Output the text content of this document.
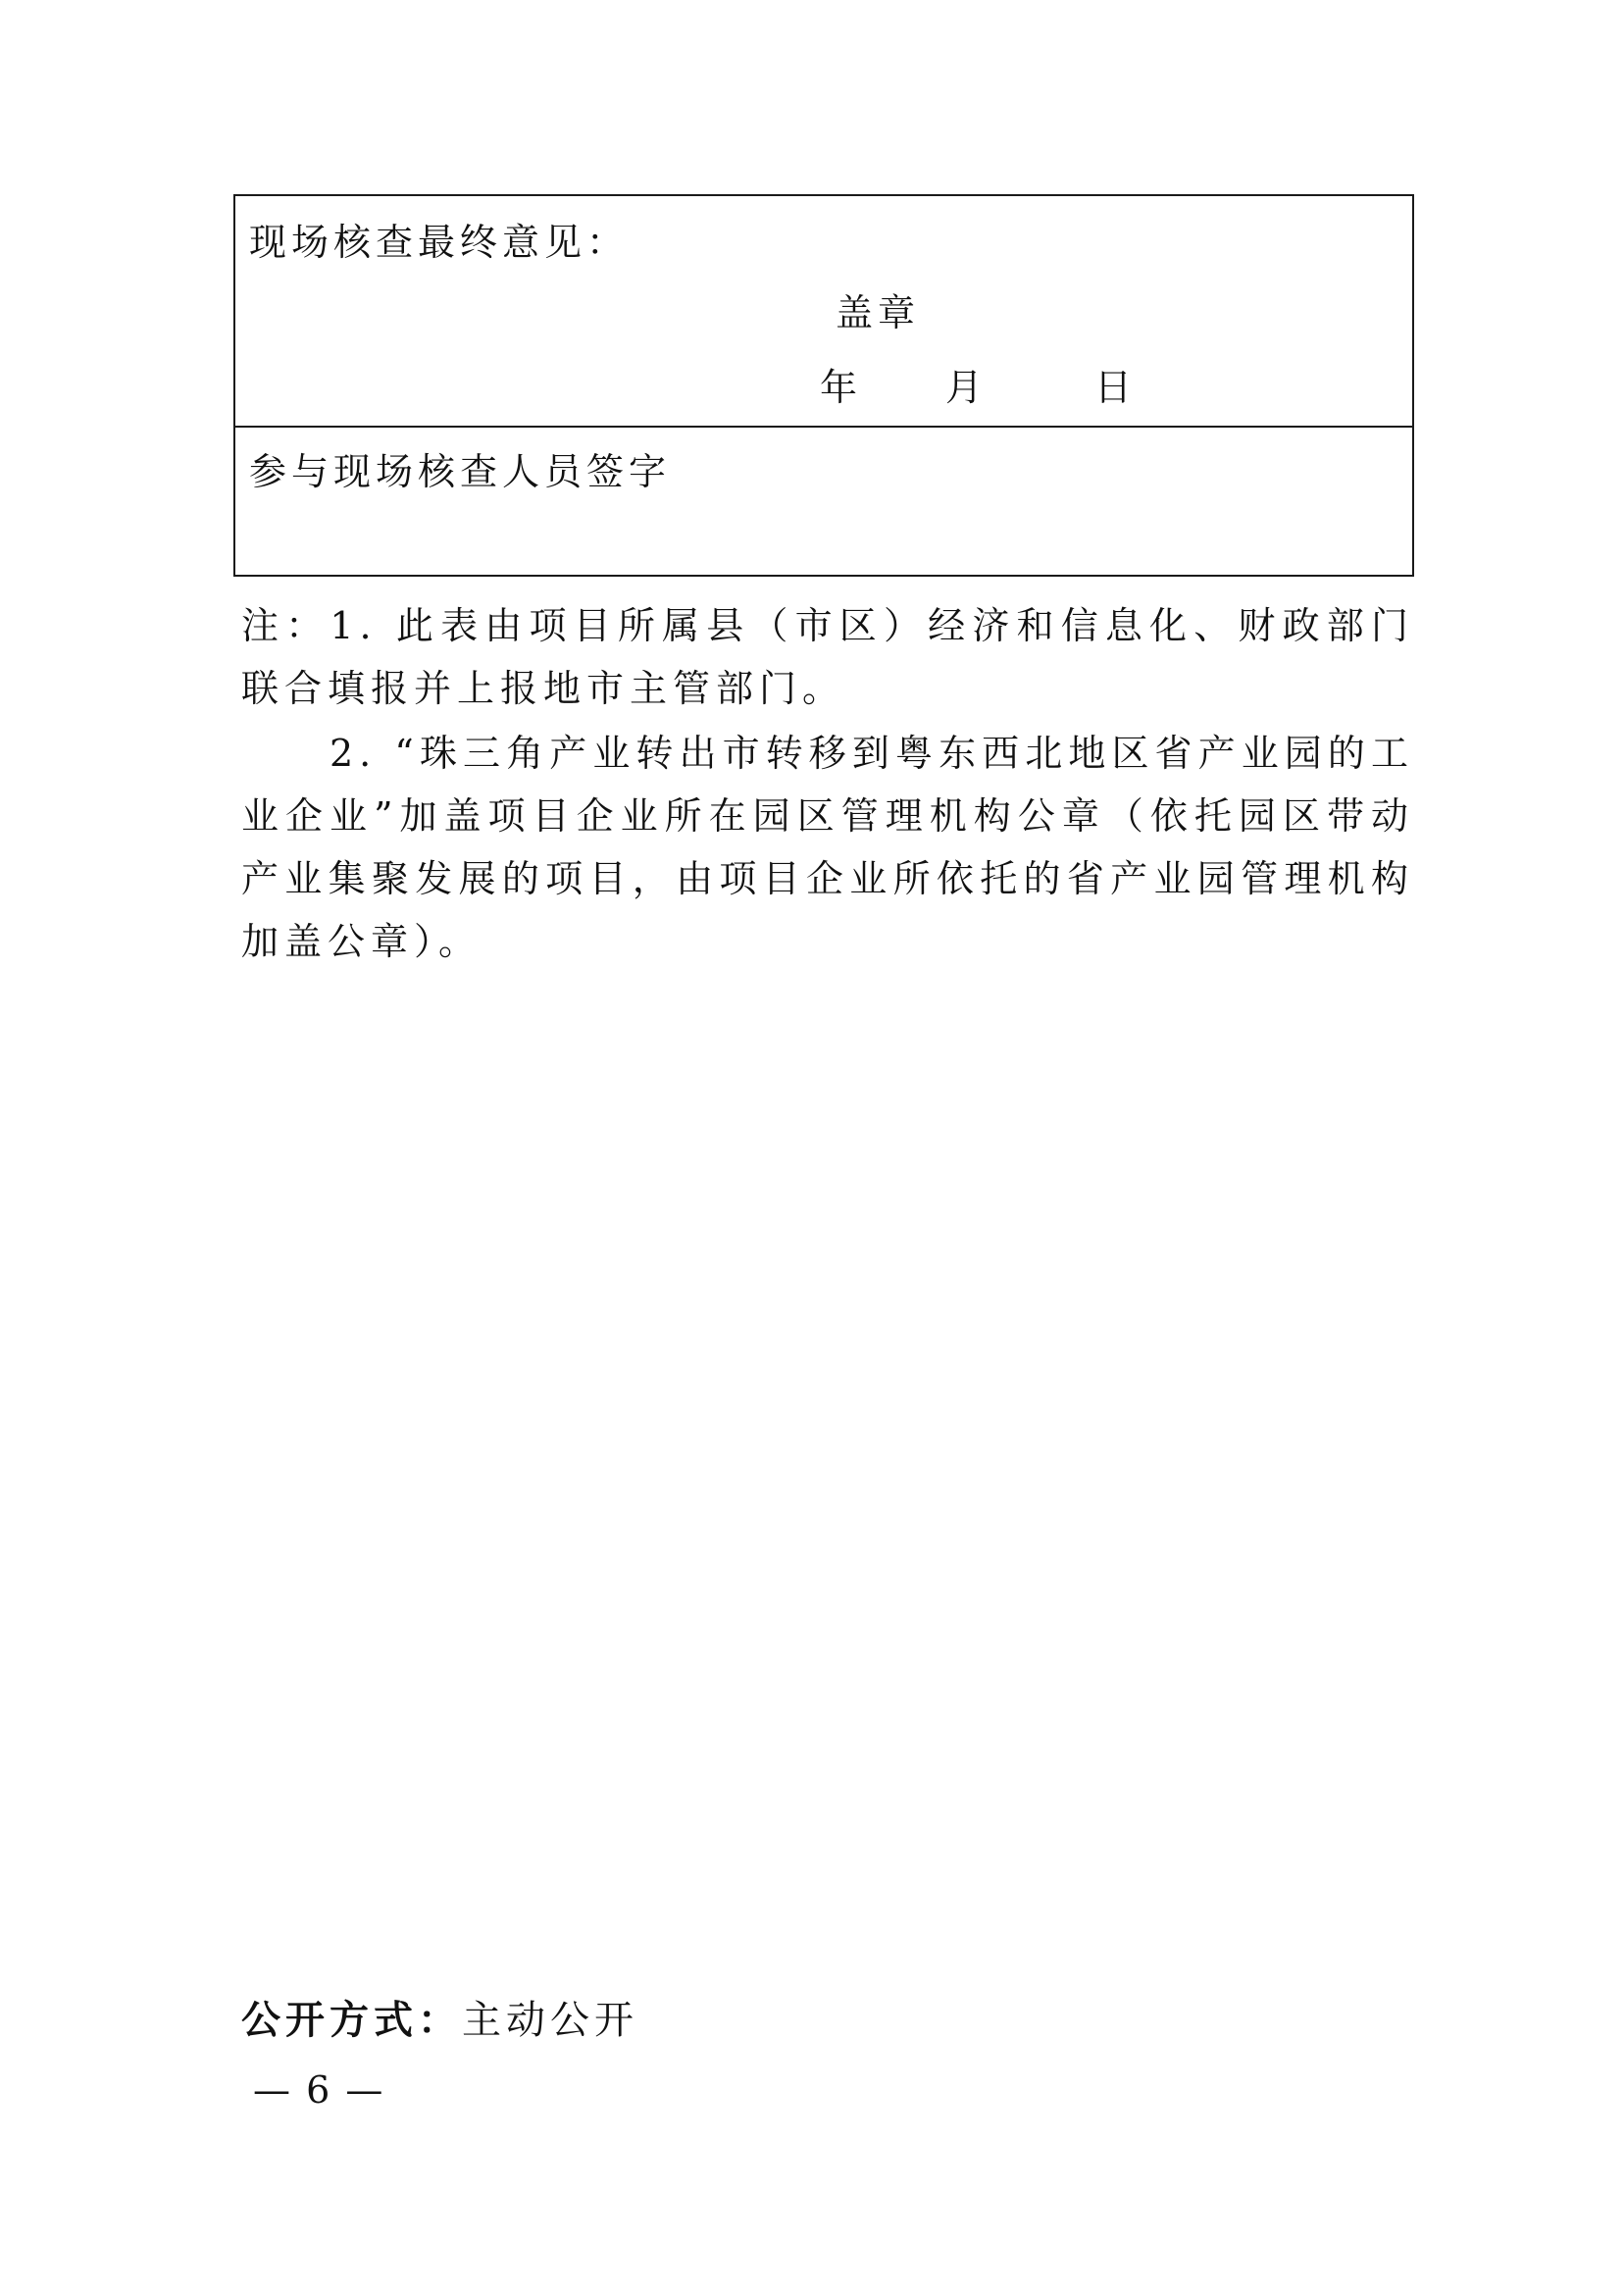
现场核查最终意见：
盖章
年 月	日
参与现场核查人员签字

注：1. 此表由项目所属县（市区）经济和信息化、财政部门联合填报并上报地市主管部门。

2. “珠三角产业转出市转移到粤东西北地区省产业园的工业企业”加盖项目企业所在园区管理机构公章（依托园区带动产业集聚发展的项目，由项目企业所依托的省产业园管理机构加盖公章）。

公开方式：主动公开
— 6 —
